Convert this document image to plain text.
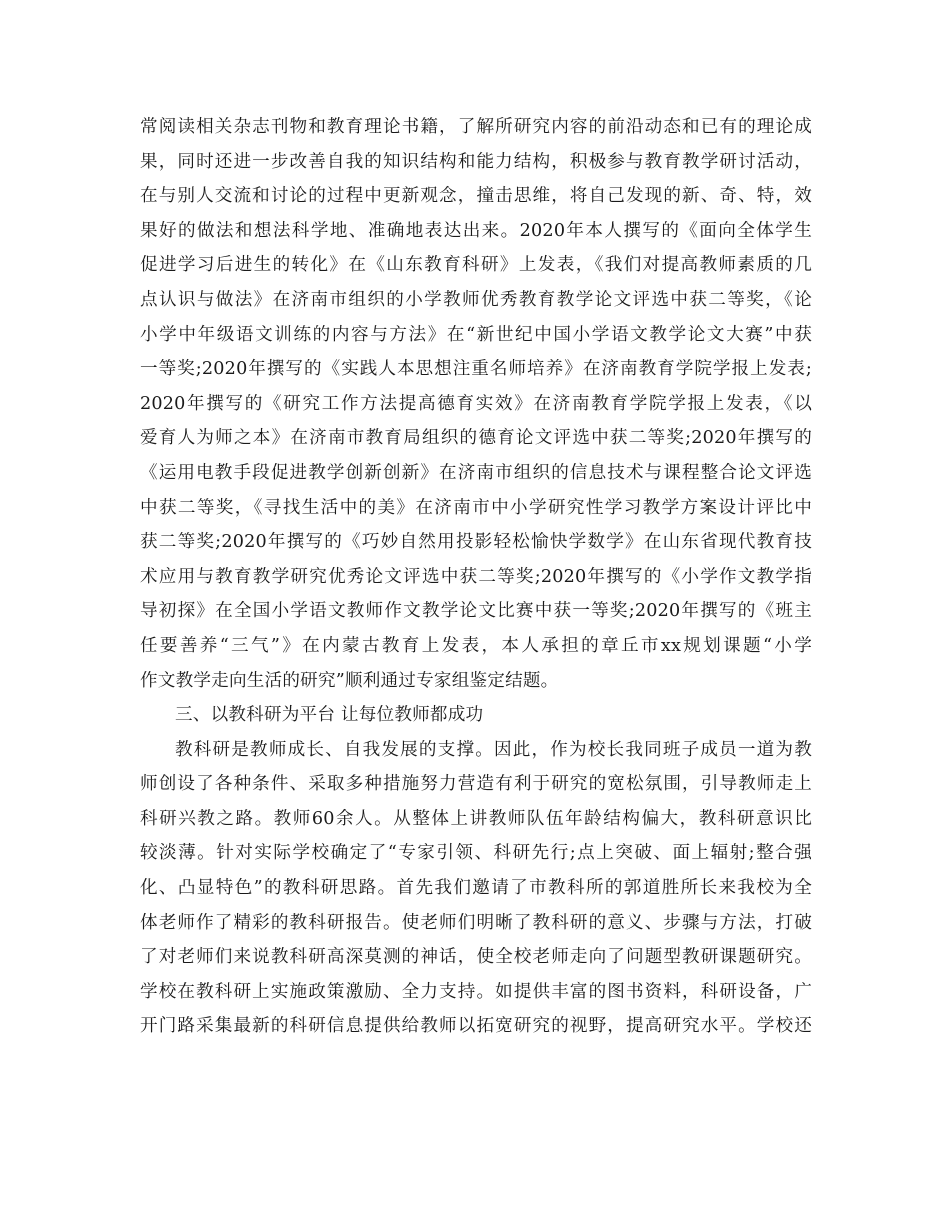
常阅读相关杂志刊物和教育理论书籍，了解所研究内容的前沿动态和已有的理论成
果，同时还进一步改善自我的知识结构和能力结构，积极参与教育教学研讨活动，
在与别人交流和讨论的过程中更新观念，撞击思维，将自己发现的新、奇、特，效
果好的做法和想法科学地、准确地表达出来。2020年本人撰写的《面向全体学生
促进学习后进生的转化》在《山东教育科研》上发表，《我们对提高教师素质的几
点认识与做法》在济南市组织的小学教师优秀教育教学论文评选中获二等奖，《论
小学中年级语文训练的内容与方法》在“新世纪中国小学语文教学论文大赛”中获
一等奖;2020年撰写的《实践人本思想注重名师培养》在济南教育学院学报上发表;
2020年撰写的《研究工作方法提高德育实效》在济南教育学院学报上发表，《以
爱育人为师之本》在济南市教育局组织的德育论文评选中获二等奖;2020年撰写的
《运用电教手段促进教学创新创新》在济南市组织的信息技术与课程整合论文评选
中获二等奖，《寻找生活中的美》在济南市中小学研究性学习教学方案设计评比中
获二等奖;2020年撰写的《巧妙自然用投影轻松愉快学数学》在山东省现代教育技
术应用与教育教学研究优秀论文评选中获二等奖;2020年撰写的《小学作文教学指
导初探》在全国小学语文教师作文教学论文比赛中获一等奖;2020年撰写的《班主
任要善养“三气”》在内蒙古教育上发表，本人承担的章丘市xx规划课题“小学
作文教学走向生活的研究”顺利通过专家组鉴定结题。
三、以教科研为平台 让每位教师都成功
教科研是教师成长、自我发展的支撑。因此，作为校长我同班子成员一道为教
师创设了各种条件、采取多种措施努力营造有利于研究的宽松氛围，引导教师走上
科研兴教之路。教师60余人。从整体上讲教师队伍年龄结构偏大，教科研意识比
较淡薄。针对实际学校确定了“专家引领、科研先行;点上突破、面上辐射;整合强
化、凸显特色”的教科研思路。首先我们邀请了市教科所的郭道胜所长来我校为全
体老师作了精彩的教科研报告。使老师们明晰了教科研的意义、步骤与方法，打破
了对老师们来说教科研高深莫测的神话，使全校老师走向了问题型教研课题研究。
学校在教科研上实施政策激励、全力支持。如提供丰富的图书资料，科研设备，广
开门路采集最新的科研信息提供给教师以拓宽研究的视野，提高研究水平。学校还
